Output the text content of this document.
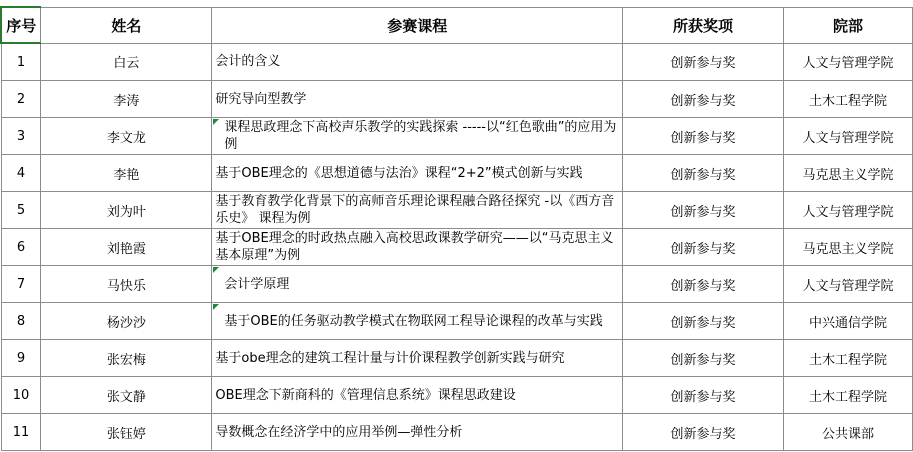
序号	姓名	参赛课程	所获奖项	院部
1	白云	会计的含义	创新参与奖	人文与管理学院
2	李涛	研究导向型教学	创新参与奖	土木工程学院
3	李文龙	课程思政理念下高校声乐教学的实践探索 -----以“红色歌曲”的应用为例	创新参与奖	人文与管理学院
4	李艳	基于OBE理念的《思想道德与法治》课程“2+2”模式创新与实践	创新参与奖	马克思主义学院
5	刘为叶	基于教育教学化背景下的高师音乐理论课程融合路径探究 -以《西方音乐史》 课程为例	创新参与奖	人文与管理学院
6	刘艳霞	基于OBE理念的时政热点融入高校思政课教学研究——以“马克思主义基本原理”为例	创新参与奖	马克思主义学院
7	马快乐	会计学原理	创新参与奖	人文与管理学院
8	杨沙沙	基于OBE的任务驱动教学模式在物联网工程导论课程的改革与实践	创新参与奖	中兴通信学院
9	张宏梅	基于obe理念的建筑工程计量与计价课程教学创新实践与研究	创新参与奖	土木工程学院
10	张文静	OBE理念下新商科的《管理信息系统》课程思政建设	创新参与奖	土木工程学院
11	张钰婷	导数概念在经济学中的应用举例—弹性分析	创新参与奖	公共课部
